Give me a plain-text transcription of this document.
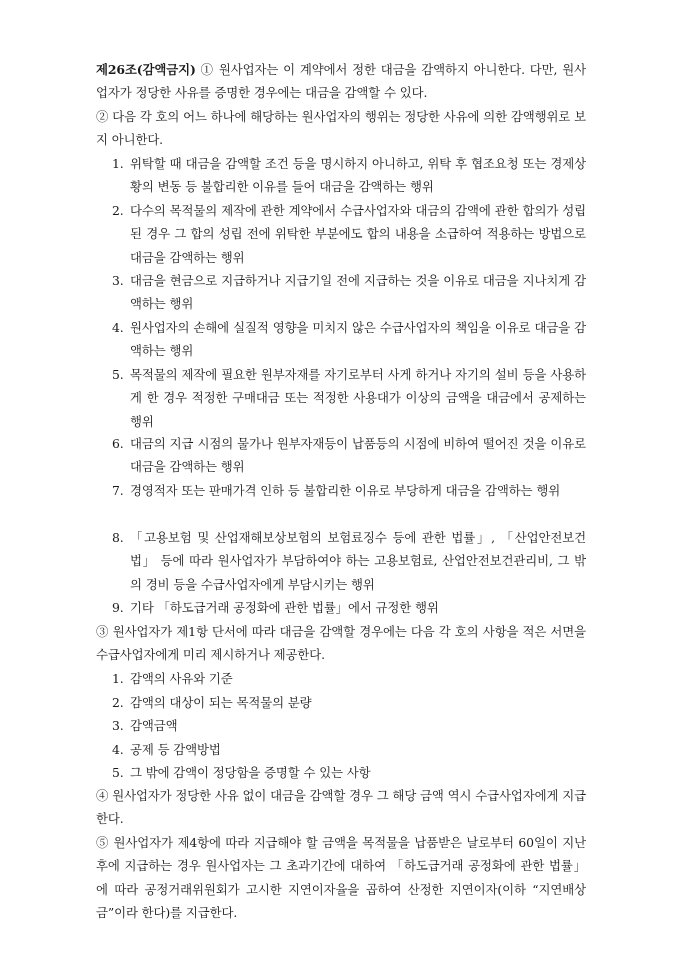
제26조(감액금지) ① 원사업자는 이 계약에서 정한 대금을 감액하지 아니한다. 다만, 원사업자가 정당한 사유를 증명한 경우에는 대금을 감액할 수 있다.
② 다음 각 호의 어느 하나에 해당하는 원사업자의 행위는 정당한 사유에 의한 감액행위로 보지 아니한다.
1. 위탁할 때 대금을 감액할 조건 등을 명시하지 아니하고, 위탁 후 협조요청 또는 경제상황의 변동 등 불합리한 이유를 들어 대금을 감액하는 행위
2. 다수의 목적물의 제작에 관한 계약에서 수급사업자와 대금의 감액에 관한 합의가 성립된 경우 그 합의 성립 전에 위탁한 부분에도 합의 내용을 소급하여 적용하는 방법으로 대금을 감액하는 행위
3. 대금을 현금으로 지급하거나 지급기일 전에 지급하는 것을 이유로 대금을 지나치게 감액하는 행위
4. 원사업자의 손해에 실질적 영향을 미치지 않은 수급사업자의 책임을 이유로 대금을 감액하는 행위
5. 목적물의 제작에 필요한 원부자재를 자기로부터 사게 하거나 자기의 설비 등을 사용하게 한 경우 적정한 구매대금 또는 적정한 사용대가 이상의 금액을 대금에서 공제하는 행위
6. 대금의 지급 시점의 물가나 원부자재등이 납품등의 시점에 비하여 떨어진 것을 이유로 대금을 감액하는 행위
7. 경영적자 또는 판매가격 인하 등 불합리한 이유로 부당하게 대금을 감액하는 행위
8. 「고용보험 및 산업재해보상보험의 보험료징수 등에 관한 법률」, 「산업안전보건법」 등에 따라 원사업자가 부담하여야 하는 고용보험료, 산업안전보건관리비, 그 밖의 경비 등을 수급사업자에게 부담시키는 행위
9. 기타 「하도급거래 공정화에 관한 법률」에서 규정한 행위
③ 원사업자가 제1항 단서에 따라 대금을 감액할 경우에는 다음 각 호의 사항을 적은 서면을 수급사업자에게 미리 제시하거나 제공한다.
1. 감액의 사유와 기준
2. 감액의 대상이 되는 목적물의 분량
3. 감액금액
4. 공제 등 감액방법
5. 그 밖에 감액이 정당함을 증명할 수 있는 사항
④ 원사업자가 정당한 사유 없이 대금을 감액할 경우 그 해당 금액 역시 수급사업자에게 지급한다.
⑤ 원사업자가 제4항에 따라 지급해야 할 금액을 목적물을 납품받은 날로부터 60일이 지난 후에 지급하는 경우 원사업자는 그 초과기간에 대하여 「하도급거래 공정화에 관한 법률」에 따라 공정거래위원회가 고시한 지연이자율을 곱하여 산정한 지연이자(이하 “지연배상금”이라 한다)를 지급한다.
